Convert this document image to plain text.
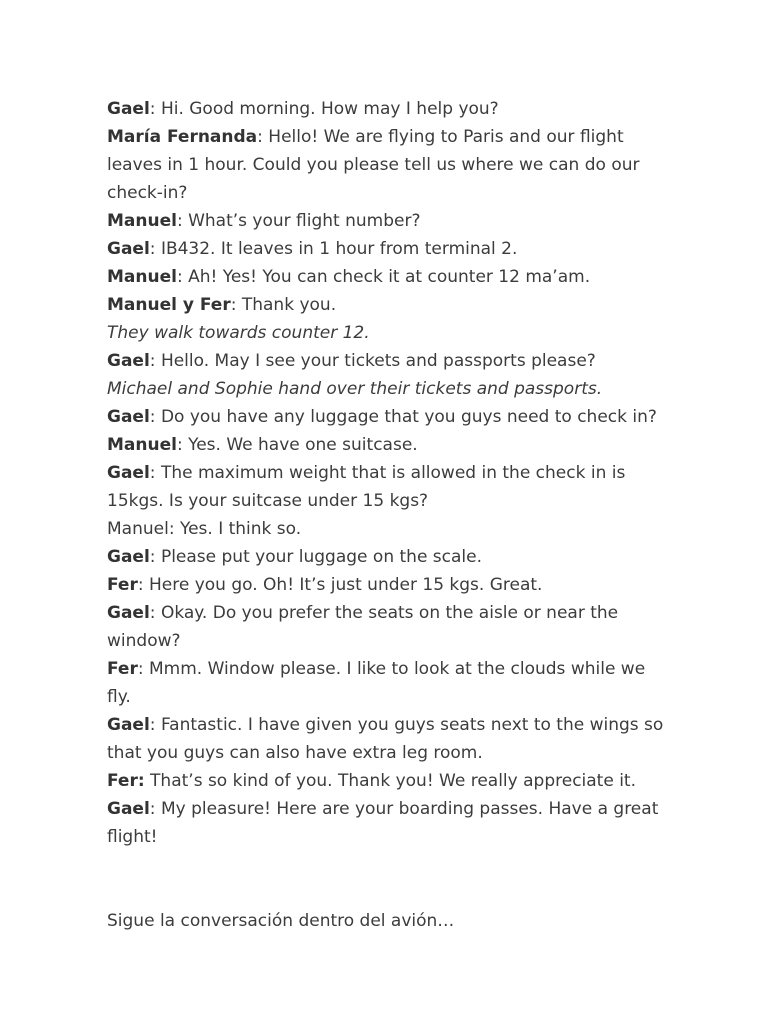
Gael: Hi. Good morning. How may I help you?

María Fernanda: Hello! We are flying to Paris and our flight leaves in 1 hour. Could you please tell us where we can do our check-in?

Manuel: What’s your flight number?

Gael: IB432. It leaves in 1 hour from terminal 2.

Manuel: Ah! Yes! You can check it at counter 12 ma’am.

Manuel y Fer: Thank you.

They walk towards counter 12.

Gael: Hello. May I see your tickets and passports please?

Michael and Sophie hand over their tickets and passports.

Gael: Do you have any luggage that you guys need to check in?

Manuel: Yes. We have one suitcase.

Gael: The maximum weight that is allowed in the check in is 15kgs. Is your suitcase under 15 kgs?

Manuel: Yes. I think so.

Gael: Please put your luggage on the scale.

Fer: Here you go. Oh! It’s just under 15 kgs. Great.

Gael: Okay. Do you prefer the seats on the aisle or near the window?

Fer: Mmm. Window please. I like to look at the clouds while we fly.

Gael: Fantastic. I have given you guys seats next to the wings so that you guys can also have extra leg room.

Fer: That’s so kind of you. Thank you! We really appreciate it.

Gael: My pleasure! Here are your boarding passes. Have a great flight!

Sigue la conversación dentro del avión…
